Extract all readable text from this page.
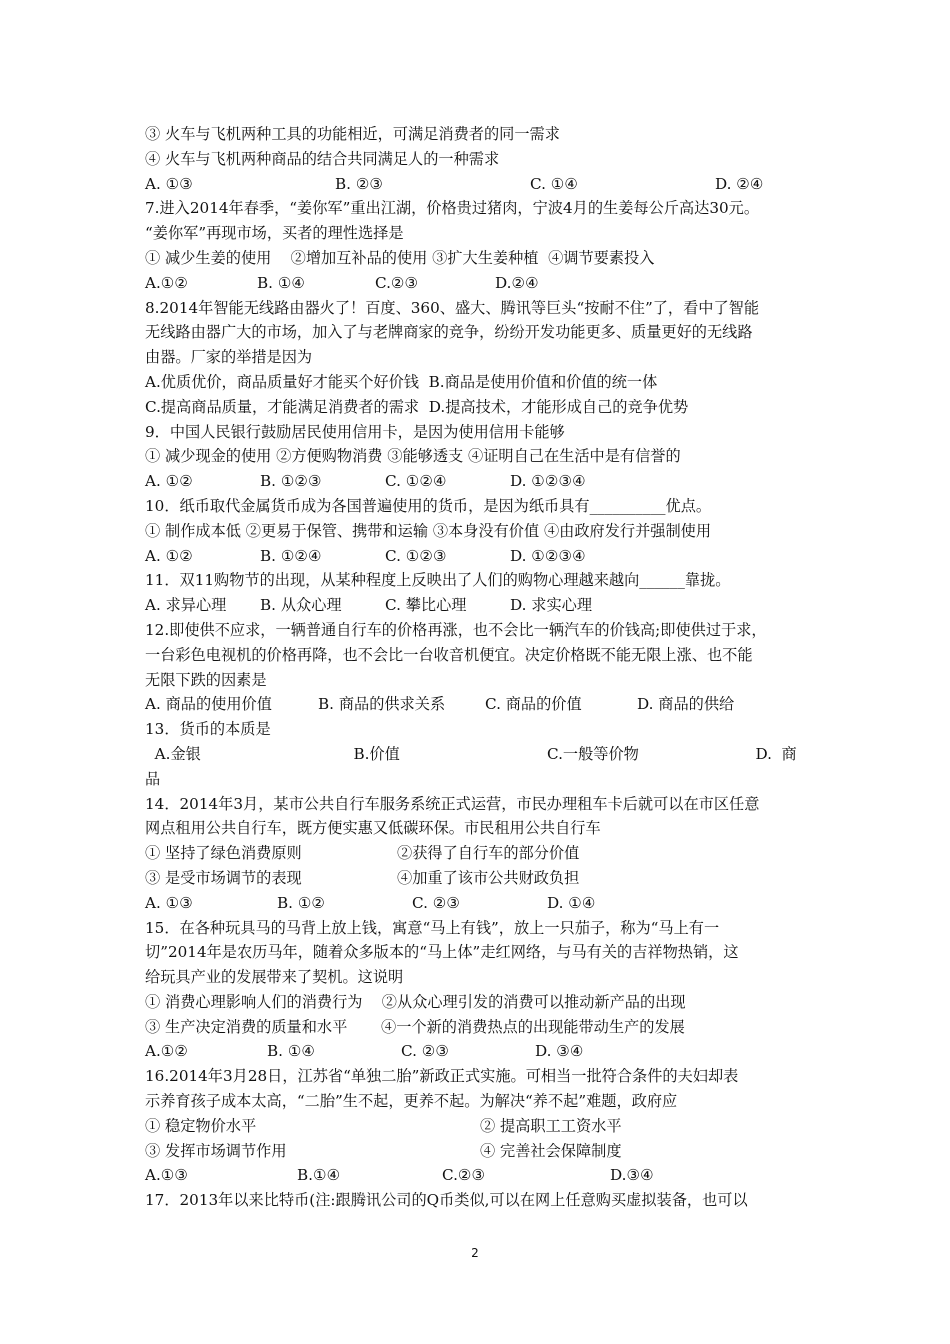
③ 火车与飞机两种工具的功能相近，可满足消费者的同一需求
④ 火车与飞机两种商品的结合共同满足人的一种需求
A. ①③	B. ②③	C. ①④	D. ②④
7.进入2014年春季，“姜你军”重出江湖，价格贵过猪肉，宁波4月的生姜每公斤高达30元。
“姜你军”再现市场，买者的理性选择是
① 减少生姜的使用    ②增加互补品的使用 ③扩大生姜种植  ④调节要素投入
A.①②	B. ①④	C.②③	D.②④
8.2014年智能无线路由器火了！百度、360、盛大、腾讯等巨头“按耐不住”了，看中了智能
无线路由器广大的市场，加入了与老牌商家的竞争，纷纷开发功能更多、质量更好的无线路
由器。厂家的举措是因为
A.优质优价，商品质量好才能买个好价钱  B.商品是使用价值和价值的统一体
C.提高商品质量，才能满足消费者的需求  D.提高技术，才能形成自己的竞争优势
9．中国人民银行鼓励居民使用信用卡，是因为使用信用卡能够
① 减少现金的使用 ②方便购物消费 ③能够透支 ④证明自己在生活中是有信誉的
A. ①②	B. ①②③	C. ①②④	D. ①②③④
10．纸币取代金属货币成为各国普遍使用的货币，是因为纸币具有__________优点。
① 制作成本低 ②更易于保管、携带和运输 ③本身没有价值 ④由政府发行并强制使用
A. ①②	B. ①②④	C. ①②③	D. ①②③④
11．双11购物节的出现，从某种程度上反映出了人们的购物心理越来越向______靠拢。
A. 求异心理	B. 从众心理	C. 攀比心理	D. 求实心理
12.即使供不应求，一辆普通自行车的价格再涨，也不会比一辆汽车的价钱高;即使供过于求，
一台彩色电视机的价格再降，也不会比一台收音机便宜。决定价格既不能无限上涨、也不能
无限下跌的因素是
A. 商品的使用价值	B. 商品的供求关系	C. 商品的价值	D. 商品的供给
13．货币的本质是
A.金银	B.价值	C.一般等价物	D.  商
品
14．2014年3月，某市公共自行车服务系统正式运营，市民办理租车卡后就可以在市区任意
网点租用公共自行车，既方便实惠又低碳环保。市民租用公共自行车
① 坚持了绿色消费原则	②获得了自行车的部分价值
③ 是受市场调节的表现	④加重了该市公共财政负担
A. ①③	B. ①②	C. ②③	D. ①④
15．在各种玩具马的马背上放上钱，寓意“马上有钱”，放上一只茄子，称为“马上有一
切”2014年是农历马年，随着众多版本的“马上体”走红网络，与马有关的吉祥物热销，这
给玩具产业的发展带来了契机。这说明
① 消费心理影响人们的消费行为    ②从众心理引发的消费可以推动新产品的出现
③ 生产决定消费的质量和水平       ④一个新的消费热点的出现能带动生产的发展
A.①②	B. ①④	C. ②③	D. ③④
16.2014年3月28日，江苏省“单独二胎”新政正式实施。可相当一批符合条件的夫妇却表
示养育孩子成本太高，“二胎”生不起，更养不起。为解决“养不起”难题，政府应
① 稳定物价水平	② 提高职工工资水平
③ 发挥市场调节作用	④ 完善社会保障制度
A.①③	B.①④	C.②③	D.③④
17．2013年以来比特币(注:跟腾讯公司的Q币类似,可以在网上任意购买虚拟装备，也可以
2
